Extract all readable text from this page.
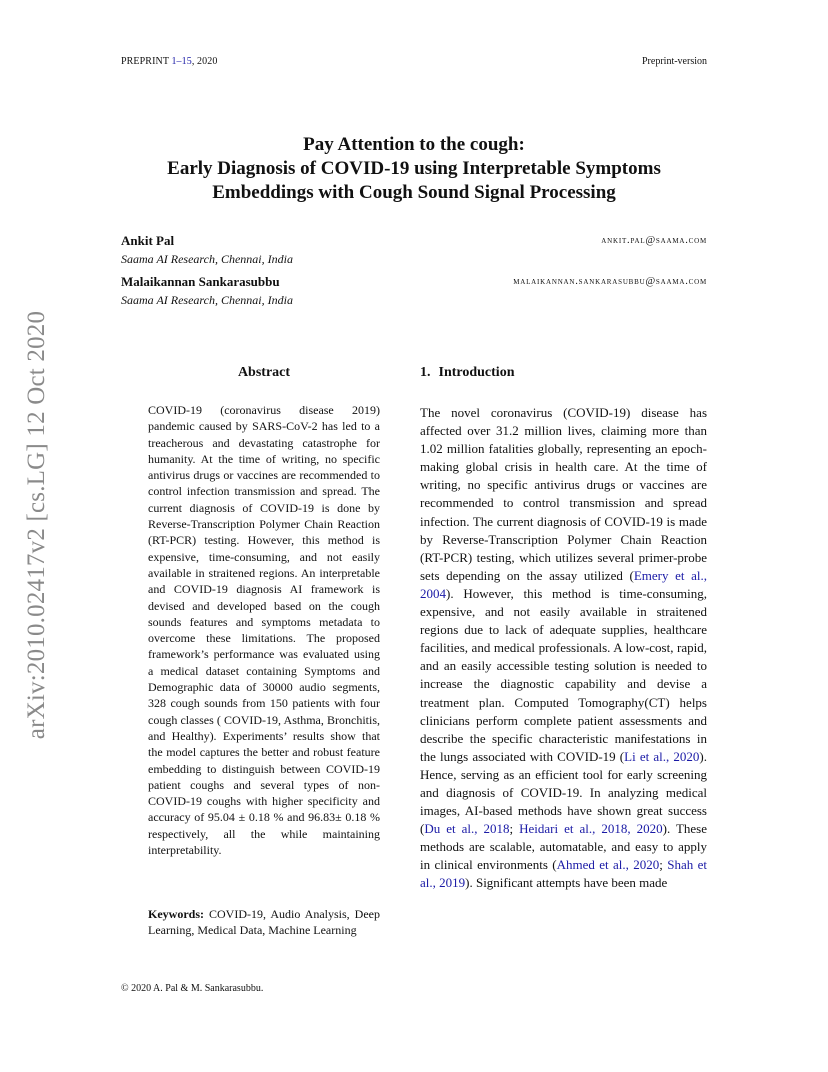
PREPRINT 1–15, 2020	Preprint-version
arXiv:2010.02417v2 [cs.LG] 12 Oct 2020
Pay Attention to the cough:
Early Diagnosis of COVID-19 using Interpretable Symptoms
Embeddings with Cough Sound Signal Processing
Ankit Pal
Saama AI Research, Chennai, India
ankit.pal@saama.com
Malaikannan Sankarasubbu
Saama AI Research, Chennai, India
malaikannan.sankarasubbu@saama.com
Abstract
COVID-19 (coronavirus disease 2019) pandemic caused by SARS-CoV-2 has led to a treacherous and devastating catastrophe for humanity. At the time of writing, no specific antivirus drugs or vaccines are recommended to control infection transmission and spread. The current diagnosis of COVID-19 is done by Reverse-Transcription Polymer Chain Reaction (RT-PCR) testing. However, this method is expensive, time-consuming, and not easily available in straitened regions. An interpretable and COVID-19 diagnosis AI framework is devised and developed based on the cough sounds features and symptoms metadata to overcome these limitations. The proposed framework’s performance was evaluated using a medical dataset containing Symptoms and Demographic data of 30000 audio segments, 328 cough sounds from 150 patients with four cough classes ( COVID-19, Asthma, Bronchitis, and Healthy). Experiments’ results show that the model captures the better and robust feature embedding to distinguish between COVID-19 patient coughs and several types of non-COVID-19 coughs with higher specificity and accuracy of 95.04 ± 0.18 % and 96.83± 0.18 % respectively, all the while maintaining interpretability.
Keywords: COVID-19, Audio Analysis, Deep Learning, Medical Data, Machine Learning
1. Introduction
The novel coronavirus (COVID-19) disease has affected over 31.2 million lives, claiming more than 1.02 million fatalities globally, representing an epoch-making global crisis in health care. At the time of writing, no specific antivirus drugs or vaccines are recommended to control transmission and spread infection. The current diagnosis of COVID-19 is made by Reverse-Transcription Polymer Chain Reaction (RT-PCR) testing, which utilizes several primer-probe sets depending on the assay utilized (Emery et al., 2004). However, this method is time-consuming, expensive, and not easily available in straitened regions due to lack of adequate supplies, healthcare facilities, and medical professionals. A low-cost, rapid, and an easily accessible testing solution is needed to increase the diagnostic capability and devise a treatment plan. Computed Tomography(CT) helps clinicians perform complete patient assessments and describe the specific characteristic manifestations in the lungs associated with COVID-19 (Li et al., 2020). Hence, serving as an efficient tool for early screening and diagnosis of COVID-19. In analyzing medical images, AI-based methods have shown great success (Du et al., 2018; Heidari et al., 2018, 2020). These methods are scalable, automatable, and easy to apply in clinical environments (Ahmed et al., 2020; Shah et al., 2019). Significant attempts have been made
© 2020 A. Pal & M. Sankarasubbu.
